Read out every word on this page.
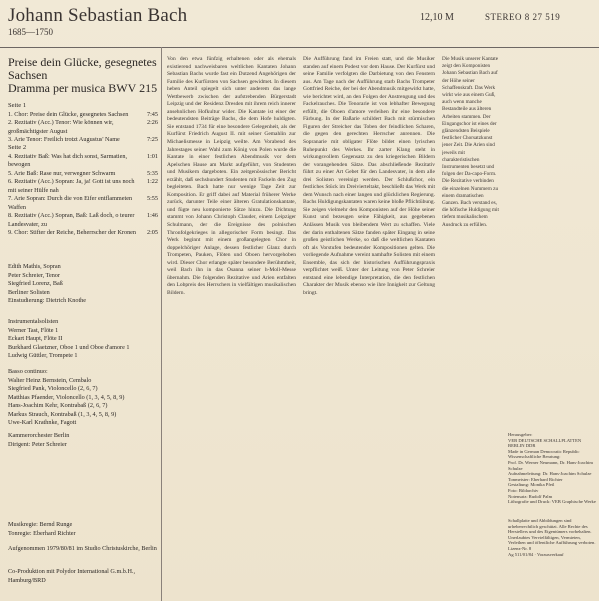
Johann Sebastian Bach
1685—1750
12,10 M	STEREO 8 27 519
Preise dein Glücke, gesegnetes Sachsen
Dramma per musica BWV 215
Seite 1
1. Chor: Preise dein Glücke, gesegnetes Sachsen	7:45
2. Rezitativ (Acc.) Tenor: Wie können wir, großmächtigster August
2:26
3. Arie Tenor: Freilich trotzt Augustus' Name	7:25
Seite 2
4. Rezitativ Baß: Was hat dich sonst, Sarmatien, bewogen
1:01
5. Arie Baß: Rase nur, verwegner Schwarm	5:35
6. Rezitativ (Acc.) Sopran: Ja, ja! Gott ist uns noch mit seiner Hülfe nah
1:22
7. Arie Sopran: Durch die von Eifer entflammeten Waffen
5:55
8. Rezitativ (Acc.) Sopran, Baß: Laß doch, o teurer Landesvater, zu
1:46
9. Chor: Stifter der Reiche, Beherrscher der Kronen	2:05
Edith Mathis, Sopran
Peter Schreier, Tenor
Siegfried Lorenz, Baß
Berliner Solisten
Einstudierung: Dietrich Knothe
Instrumentalsolisten
Werner Tast, Flöte 1
Eckart Haupt, Flöte II
Burkhard Glaetzner, Oboe 1 und Oboe d'amore 1
Ludwig Güttler, Trompete 1
Basso continuo:
Walter Heinz Bernstein, Cembalo
Siegfried Pank, Violoncello (2, 6, 7)
Matthias Pfaender, Violoncello (1, 3, 4, 5, 8, 9)
Hans-Joachim Kehr, Kontrabaß (2, 6, 7)
Markus Strauch, Kontrabaß (1, 3, 4, 5, 8, 9)
Uwe-Karl Krathnke, Fagott
Kammerorchester Berlin
Dirigent: Peter Schreier
Musikregie: Bernd Runge
Tonregie: Eberhard Richter
Aufgenommen 1979/80/81 im Studio Christuskirche, Berlin
Co-Produktion mit Polydor International G.m.b.H., Hamburg/BRD
Von den etwa fünfzig erhaltenen oder als ehemals existierend nachweisbaren weltlichen Kantaten Johann Sebastian Bachs wurde fast ein Dutzend Angehörigen der Familie des Kurfürsten von Sachsen gewidmet. In diesem heben Anteil spiegelt sich unter anderem das lange Wettbewerb zwischen der aufstrebenden Bürgerstadt Leipzig und der Residenz Dresden mit ihrem reich innerer ansehnlichen Hofkultur wider. Die Kantate ist einer der bedeutendsten Beiträge Bachs, die dem Hofe huldigten. Sie entstand 1734 für eine besondere Gelegenheit, als der Kurfürst Friedrich August II. mit seiner Gemahlin zur Michaelismesse in Leipzig weilte. Am Vorabend des Jahrestages seiner Wahl zum König von Polen wurde die Kantate in einer festlichen Abendmusik vor dem Apelschen Hause am Markt aufgeführt, von Studenten und Musikern dargeboten. Ein zeitgenössischer Bericht erzählt, daß sechshundert Studenten mit Fackeln den Zug begleiteten. Bach hatte nur wenige Tage Zeit zur Komposition. Er griff dabei auf Material früherer Werke zurück, darunter Teile einer älteren Gratulationskantate, und fügte neu komponierte Sätze hinzu. Die Dichtung stammt von Johann Christoph Clauder, einem Leipziger Schulmann, der die Ereignisse des polnischen Thronfolgekrieges in allegorischer Form besingt. Das Werk beginnt mit einem großangelegten Chor in doppelchöriger Anlage, dessen festlicher Glanz durch Trompeten, Pauken, Flöten und Oboen hervorgehoben wird. Dieser Chor erlangte später besondere Berühmtheit, weil Bach ihn in das Osanna seiner h-Moll-Messe übernahm. Die folgenden Rezitative und Arien entfalten den Lobpreis des Herrschers in vielfältigen musikalischen Bildern.
Die Aufführung fand im Freien statt, und die Musiker standen auf einem Podest vor dem Hause. Der Kurfürst und seine Familie verfolgten die Darbietung von den Fenstern aus. Am Tage nach der Aufführung starb Bachs Trompeter Gottfried Reiche, der bei der Abendmusik mitgewirkt hatte, wie berichtet wird, an den Folgen der Anstrengung und des Fackelrauches. Die Tenorarie ist von lebhafter Bewegung erfüllt, die Oboen d'amore verleihen ihr eine besondere Färbung. In der Baßarie schildert Bach mit stürmischen Figuren der Streicher das Toben der feindlichen Scharen, die gegen den gerechten Herrscher anrennen. Die Sopranarie mit obligater Flöte bildet einen lyrischen Ruhepunkt des Werkes. Ihr zarter Klang steht in wirkungsvollem Gegensatz zu den kriegerischen Bildern der vorangehenden Sätze. Das abschließende Rezitativ führt zu einer Art Gebet für den Landesvater, in dem alle drei Solisten vereinigt werden. Der Schlußchor, ein festliches Stück im Dreivierteltakt, beschließt das Werk mit dem Wunsch nach einer langen und glücklichen Regierung. Bachs Huldigungskantaten waren keine bloße Pflichtübung. Sie zeigen vielmehr den Komponisten auf der Höhe seiner Kunst und bezeugen seine Fähigkeit, aus gegebenen Anlässen Musik von bleibendem Wert zu schaffen. Viele der darin enthaltenen Sätze fanden später Eingang in seine großen geistlichen Werke, so daß die weltlichen Kantaten oft als Vorstufen bedeutender Kompositionen gelten. Die vorliegende Aufnahme vereint namhafte Solisten mit einem Ensemble, das sich der historischen Aufführungspraxis verpflichtet weiß. Unter der Leitung von Peter Schreier entstand eine lebendige Interpretation, die den festlichen Charakter der Musik ebenso wie ihre Innigkeit zur Geltung bringt.
Die Musik unserer Kantate zeigt den Komponisten Johann Sebastian Bach auf der Höhe seiner Schaffenskraft. Das Werk wirkt wie aus einem Guß, auch wenn manche Bestandteile aus älteren Arbeiten stammen. Der Eingangschor ist eines der glänzendsten Beispiele festlicher Chorsatzkunst jener Zeit. Die Arien sind jeweils mit charakteristischen Instrumenten besetzt und folgen der Da-capo-Form. Die Rezitative verbinden die einzelnen Nummern zu einem dramatischen Ganzen. Bach verstand es, die höfische Huldigung mit tiefem musikalischem Ausdruck zu erfüllen.
Herausgeber:
VEB DEUTSCHE SCHALLPLATTEN BERLIN DDR
Made in German Democratic Republic
Wissenschaftliche Beratung:
Prof. Dr. Werner Neumann, Dr. Hans-Joachim Schulze
Aufnahmeleitung: Dr. Hans-Joachim Schulze
Tonmeister: Eberhard Richter
Gestaltung: Monika Pfeil
Foto: Bildarchiv
Notensatz: Rudolf Palm
Lithografie und Druck: VEB Graphische Werke
Schallplatte und Abbildungen sind urheberrechtlich geschützt. Alle Rechte des Herstellers und des Eigentümers vorbehalten. Unerlaubtes Vervielfältigen, Vermieten, Verleihen und öffentliche Aufführung verboten. Lizenz-Nr. 8
Ag 511/01/84 · Vorausverkauf
